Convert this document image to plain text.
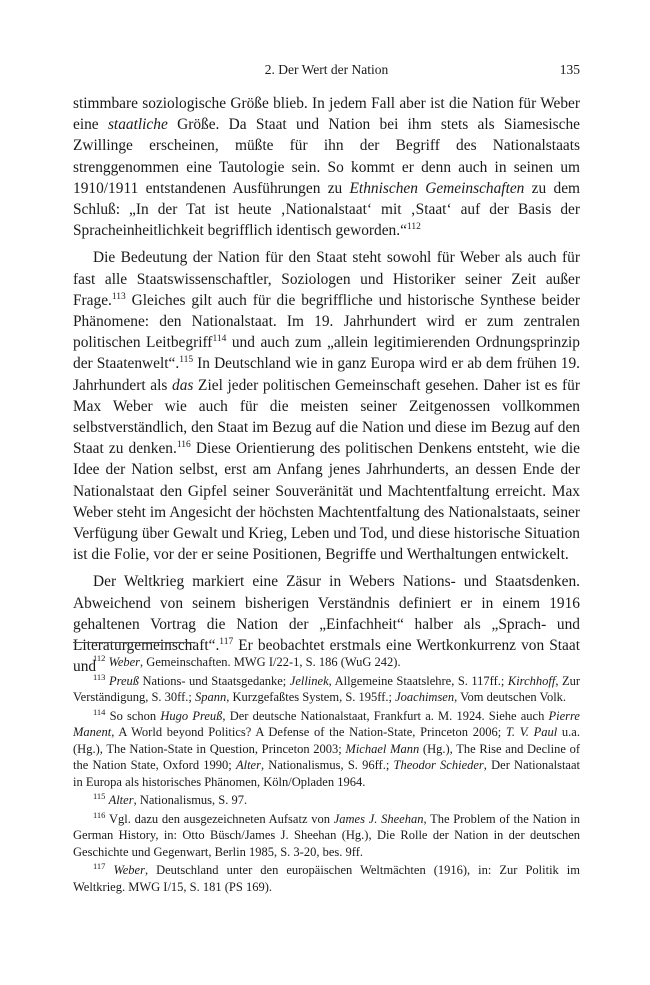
2. Der Wert der Nation	135

stimmbare soziologische Größe blieb. In jedem Fall aber ist die Nation für Weber eine staatliche Größe. Da Staat und Nation bei ihm stets als Siamesische Zwillinge erscheinen, müßte für ihn der Begriff des Nationalstaats strenggenommen eine Tautologie sein. So kommt er denn auch in seinen um 1910/1911 entstandenen Ausführungen zu Ethnischen Gemeinschaften zu dem Schluß: „In der Tat ist heute ‚Nationalstaat‘ mit ‚Staat‘ auf der Basis der Spracheinheitlichkeit begrifflich identisch geworden.“$^{112}$

Die Bedeutung der Nation für den Staat steht sowohl für Weber als auch für fast alle Staatswissenschaftler, Soziologen und Historiker seiner Zeit außer Frage.$^{113}$ Gleiches gilt auch für die begriffliche und historische Synthese beider Phänomene: den Nationalstaat. Im 19. Jahrhundert wird er zum zentralen politischen Leitbegriff$^{114}$ und auch zum „allein legitimierenden Ordnungsprinzip der Staatenwelt“.$^{115}$ In Deutschland wie in ganz Europa wird er ab dem frühen 19. Jahrhundert als das Ziel jeder politischen Gemeinschaft gesehen. Daher ist es für Max Weber wie auch für die meisten seiner Zeitgenossen vollkommen selbstverständlich, den Staat im Bezug auf die Nation und diese im Bezug auf den Staat zu denken.$^{116}$ Diese Orientierung des politischen Denkens entsteht, wie die Idee der Nation selbst, erst am Anfang jenes Jahrhunderts, an dessen Ende der Nationalstaat den Gipfel seiner Souveränität und Machtentfaltung erreicht. Max Weber steht im Angesicht der höchsten Machtentfaltung des Nationalstaats, seiner Verfügung über Gewalt und Krieg, Leben und Tod, und diese historische Situation ist die Folie, vor der er seine Positionen, Begriffe und Werthaltungen entwickelt.

Der Weltkrieg markiert eine Zäsur in Webers Nations- und Staatsdenken. Abweichend von seinem bisherigen Verständnis definiert er in einem 1916 gehaltenen Vortrag die Nation der „Einfachheit“ halber als „Sprach- und Literaturgemeinschaft“.$^{117}$ Er beobachtet erstmals eine Wertkonkurrenz von Staat und

$^{112}$ Weber, Gemeinschaften. MWG I/22-1, S. 186 (WuG 242).

$^{113}$ Preuß Nations- und Staatsgedanke; Jellinek, Allgemeine Staatslehre, S. 117ff.; Kirchhoff, Zur Verständigung, S. 30ff.; Spann, Kurzgefaßtes System, S. 195ff.; Joachimsen, Vom deutschen Volk.

$^{114}$ So schon Hugo Preuß, Der deutsche Nationalstaat, Frankfurt a. M. 1924. Siehe auch Pierre Manent, A World beyond Politics? A Defense of the Nation-State, Princeton 2006; T. V. Paul u.a. (Hg.), The Nation-State in Question, Princeton 2003; Michael Mann (Hg.), The Rise and Decline of the Nation State, Oxford 1990; Alter, Nationalismus, S. 96ff.; Theodor Schieder, Der Nationalstaat in Europa als historisches Phänomen, Köln/Opladen 1964.

$^{115}$ Alter, Nationalismus, S. 97.

$^{116}$ Vgl. dazu den ausgezeichneten Aufsatz von James J. Sheehan, The Problem of the Nation in German History, in: Otto Büsch/James J. Sheehan (Hg.), Die Rolle der Nation in der deutschen Geschichte und Gegenwart, Berlin 1985, S. 3-20, bes. 9ff.

$^{117}$ Weber, Deutschland unter den europäischen Weltmächten (1916), in: Zur Politik im Weltkrieg. MWG I/15, S. 181 (PS 169).
